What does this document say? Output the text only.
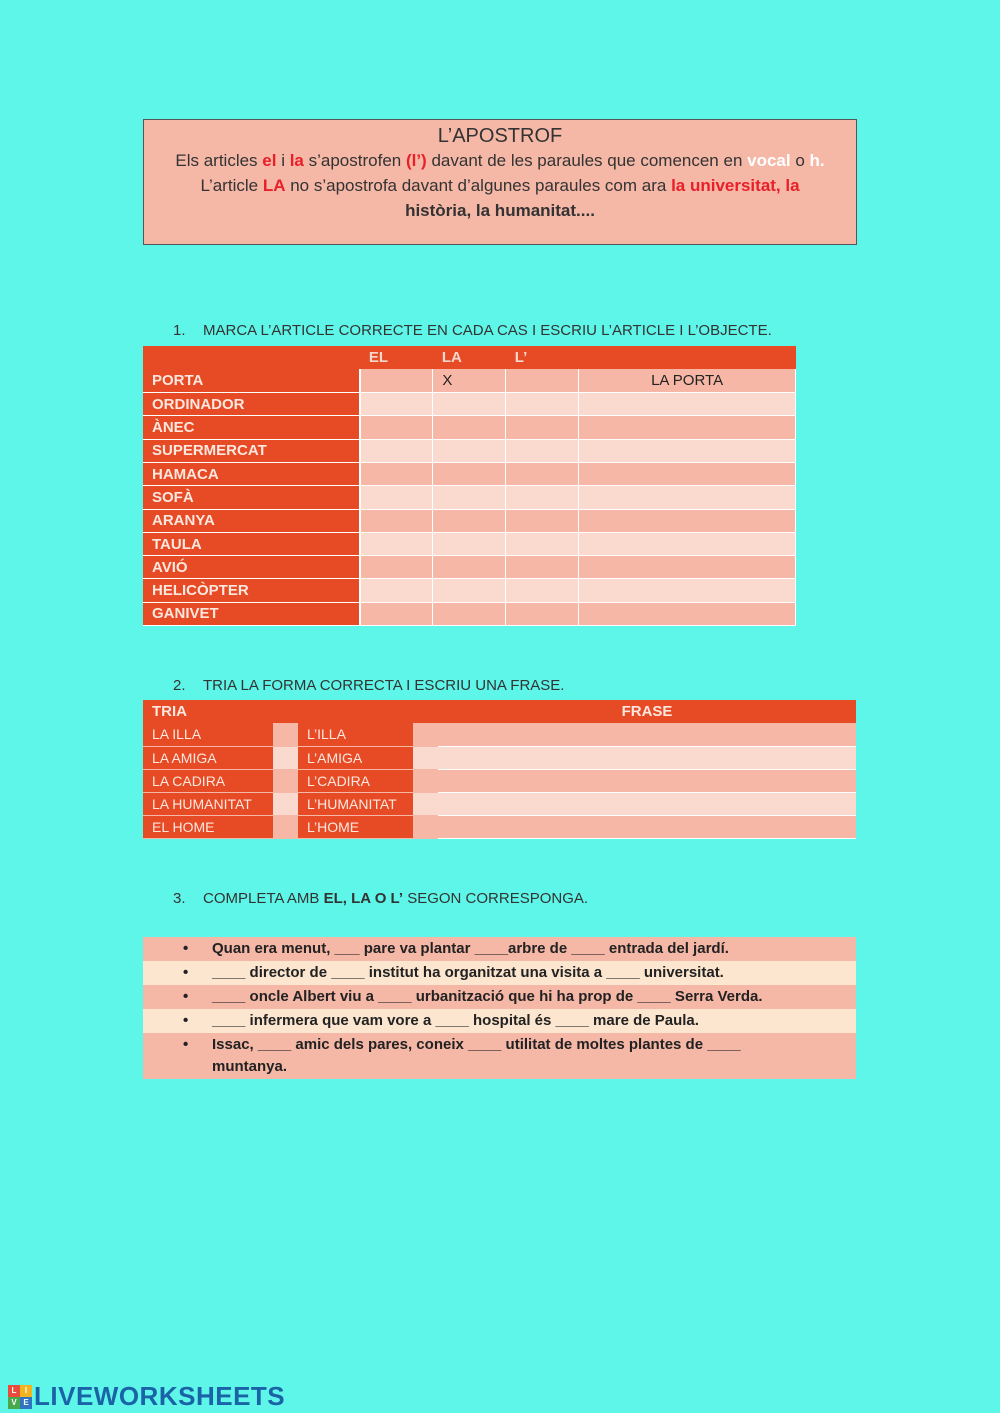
L’APOSTROF
Els articles el i la s’apostrofen (l’) davant de les paraules que comencen en vocal o h.
L’article LA no s’apostrofa davant d’algunes paraules com ara la universitat, la
història, la humanitat....
1. MARCA L’ARTICLE CORRECTE EN CADA CAS I ESCRIU L’ARTICLE I L’OBJECTE.
	EL	LA	L’	
PORTA		X		LA PORTA
ORDINADOR				
ÀNEC				
SUPERMERCAT				
HAMACA				
SOFÀ				
ARANYA				
TAULA				
AVIÓ				
HELICÒPTER				
GANIVET				
2. TRIA LA FORMA CORRECTA I ESCRIU UNA FRASE.
TRIA				FRASE
LA ILLA		L’ILLA		
LA AMIGA		L’AMIGA		
LA CADIRA		L’CADIRA		
LA HUMANITAT		L’HUMANITAT		
EL HOME		L’HOME		
3. COMPLETA AMB EL, LA O L’ SEGON CORRESPONGA.
•	Quan era menut, ___ pare va plantar ____arbre de ____ entrada del jardí.
•	____ director de ____ institut ha organitzat una visita a ____ universitat.
•	____ oncle Albert viu a ____ urbanització que hi ha prop de ____ Serra Verda.
•	____ infermera que vam vore a ____ hospital és ____ mare de Paula.
•	Issac, ____ amic dels pares, coneix ____ utilitat de moltes plantes de ____ muntanya.
L	I
V E LIVEWORKSHEETS
